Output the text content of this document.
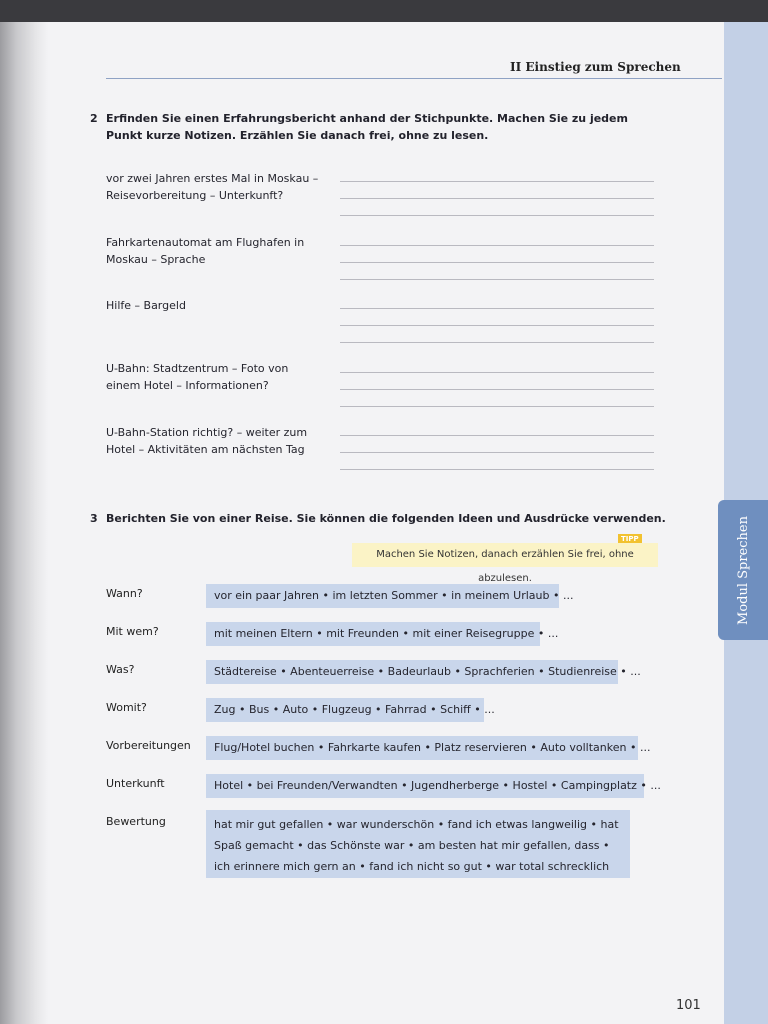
Modul Sprechen
II Einstieg zum Sprechen
2 Erfinden Sie einen Erfahrungsbericht anhand der Stichpunkte. Machen Sie zu jedem Punkt kurze Notizen. Erzählen Sie danach frei, ohne zu lesen.
vor zwei Jahren erstes Mal in Moskau – Reisevorbereitung – Unterkunft?
Fahrkartenautomat am Flughafen in Moskau – Sprache
Hilfe – Bargeld
U-Bahn: Stadtzentrum – Foto von einem Hotel – Informationen?
U-Bahn-Station richtig? – weiter zum Hotel – Aktivitäten am nächsten Tag
3 Berichten Sie von einer Reise. Sie können die folgenden Ideen und Ausdrücke verwenden.
TIPP
Machen Sie Notizen, danach erzählen Sie frei, ohne abzulesen.
Wann?	vor ein paar Jahren • im letzten Sommer • in meinem Urlaub • ...
Mit wem?	mit meinen Eltern • mit Freunden • mit einer Reisegruppe • ...
Was?	Städtereise • Abenteuerreise • Badeurlaub • Sprachferien • Studienreise • ...
Womit?	Zug • Bus • Auto • Flugzeug • Fahrrad • Schiff • ...
Vorbereitungen	Flug/Hotel buchen • Fahrkarte kaufen • Platz reservieren • Auto volltanken • ...
Unterkunft	Hotel • bei Freunden/Verwandten • Jugendherberge • Hostel • Campingplatz • ...
Bewertung	hat mir gut gefallen • war wunderschön • fand ich etwas langweilig • hat Spaß gemacht • das Schönste war • am besten hat mir gefallen, dass • ich erinnere mich gern an • fand ich nicht so gut • war total schrecklich
101
